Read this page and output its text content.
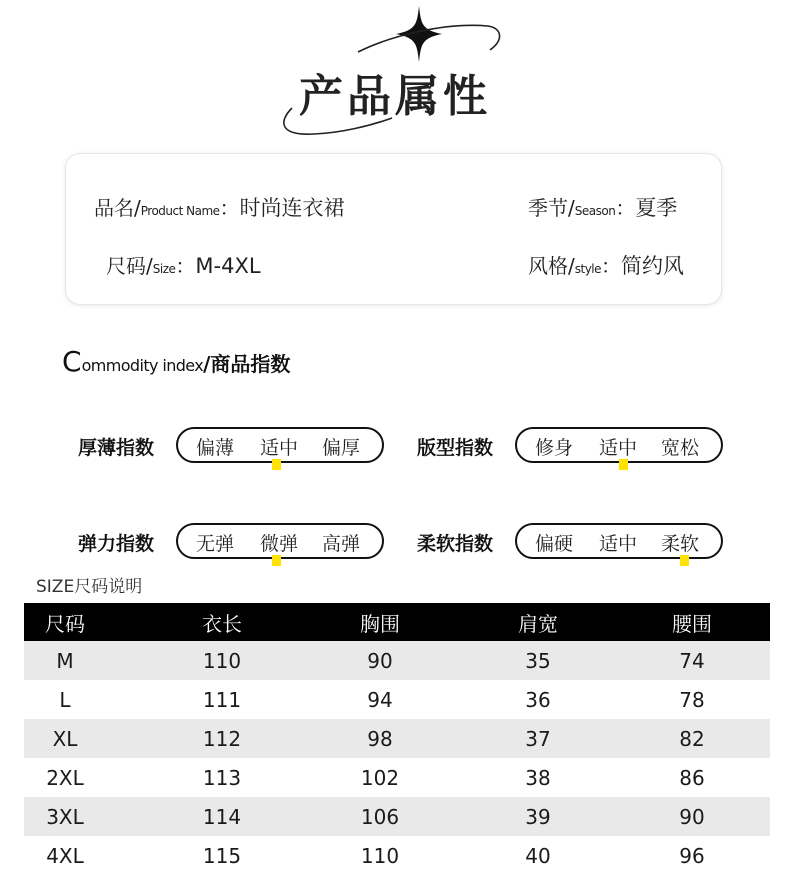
产品属性
品名/Product Name：时尚连衣裙	季节/Season：夏季
尺码/Size：M-4XL	风格/style：简约风
Commodity index/商品指数
厚薄指数 偏薄 适中 偏厚	版型指数 修身 适中 宽松
弹力指数 无弹 微弹 高弹	柔软指数 偏硬 适中 柔软
SIZE尺码说明
尺码	衣长	胸围	肩宽	腰围
M	110	90	35	74
L	111	94	36	78
XL	112	98	37	82
2XL	113	102	38	86
3XL	114	106	39	90
4XL	115	110	40	96
